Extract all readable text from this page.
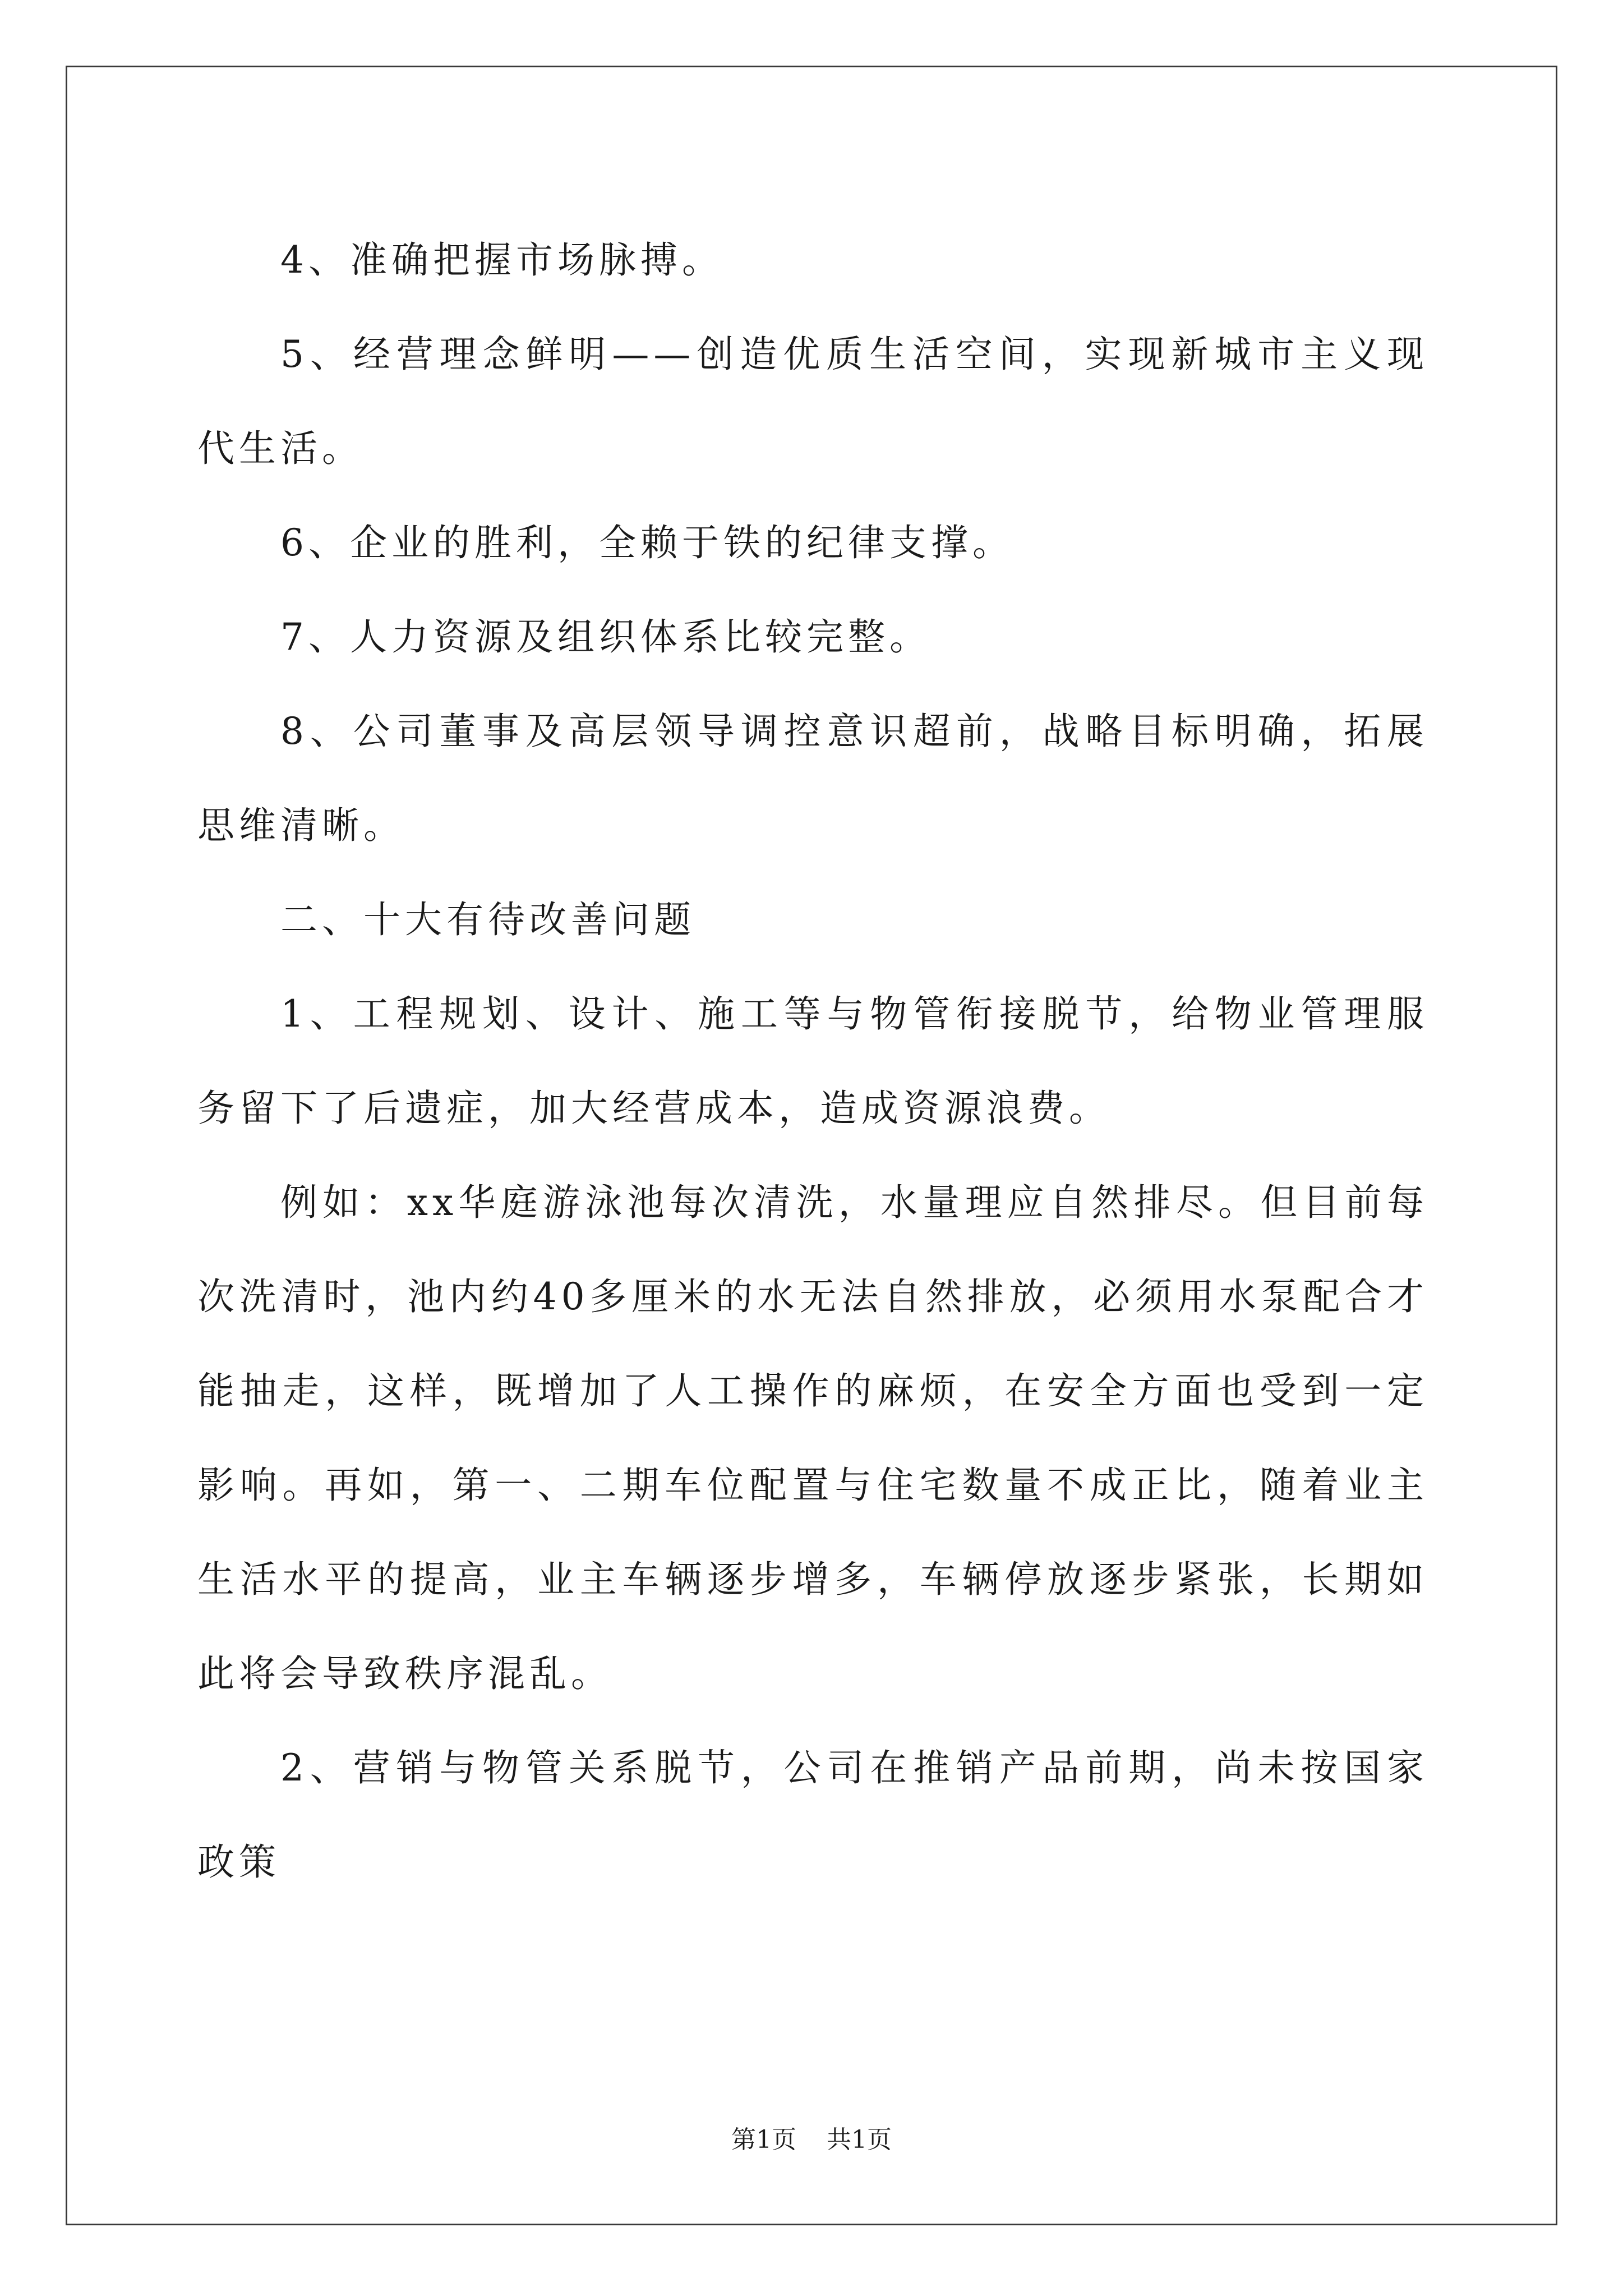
4、准确把握市场脉搏。

5、经营理念鲜明——创造优质生活空间，实现新城市主义现代生活。

6、企业的胜利，全赖于铁的纪律支撑。

7、人力资源及组织体系比较完整。

8、公司董事及高层领导调控意识超前，战略目标明确，拓展思维清晰。

二、十大有待改善问题

1、工程规划、设计、施工等与物管衔接脱节，给物业管理服务留下了后遗症，加大经营成本，造成资源浪费。

例如：xx华庭游泳池每次清洗，水量理应自然排尽。但目前每次洗清时，池内约40多厘米的水无法自然排放，必须用水泵配合才能抽走，这样，既增加了人工操作的麻烦，在安全方面也受到一定影响。再如，第一、二期车位配置与住宅数量不成正比，随着业主生活水平的提高，业主车辆逐步增多，车辆停放逐步紧张，长期如此将会导致秩序混乱。

2、营销与物管关系脱节，公司在推销产品前期，尚未按国家政策

第1页 共1页
